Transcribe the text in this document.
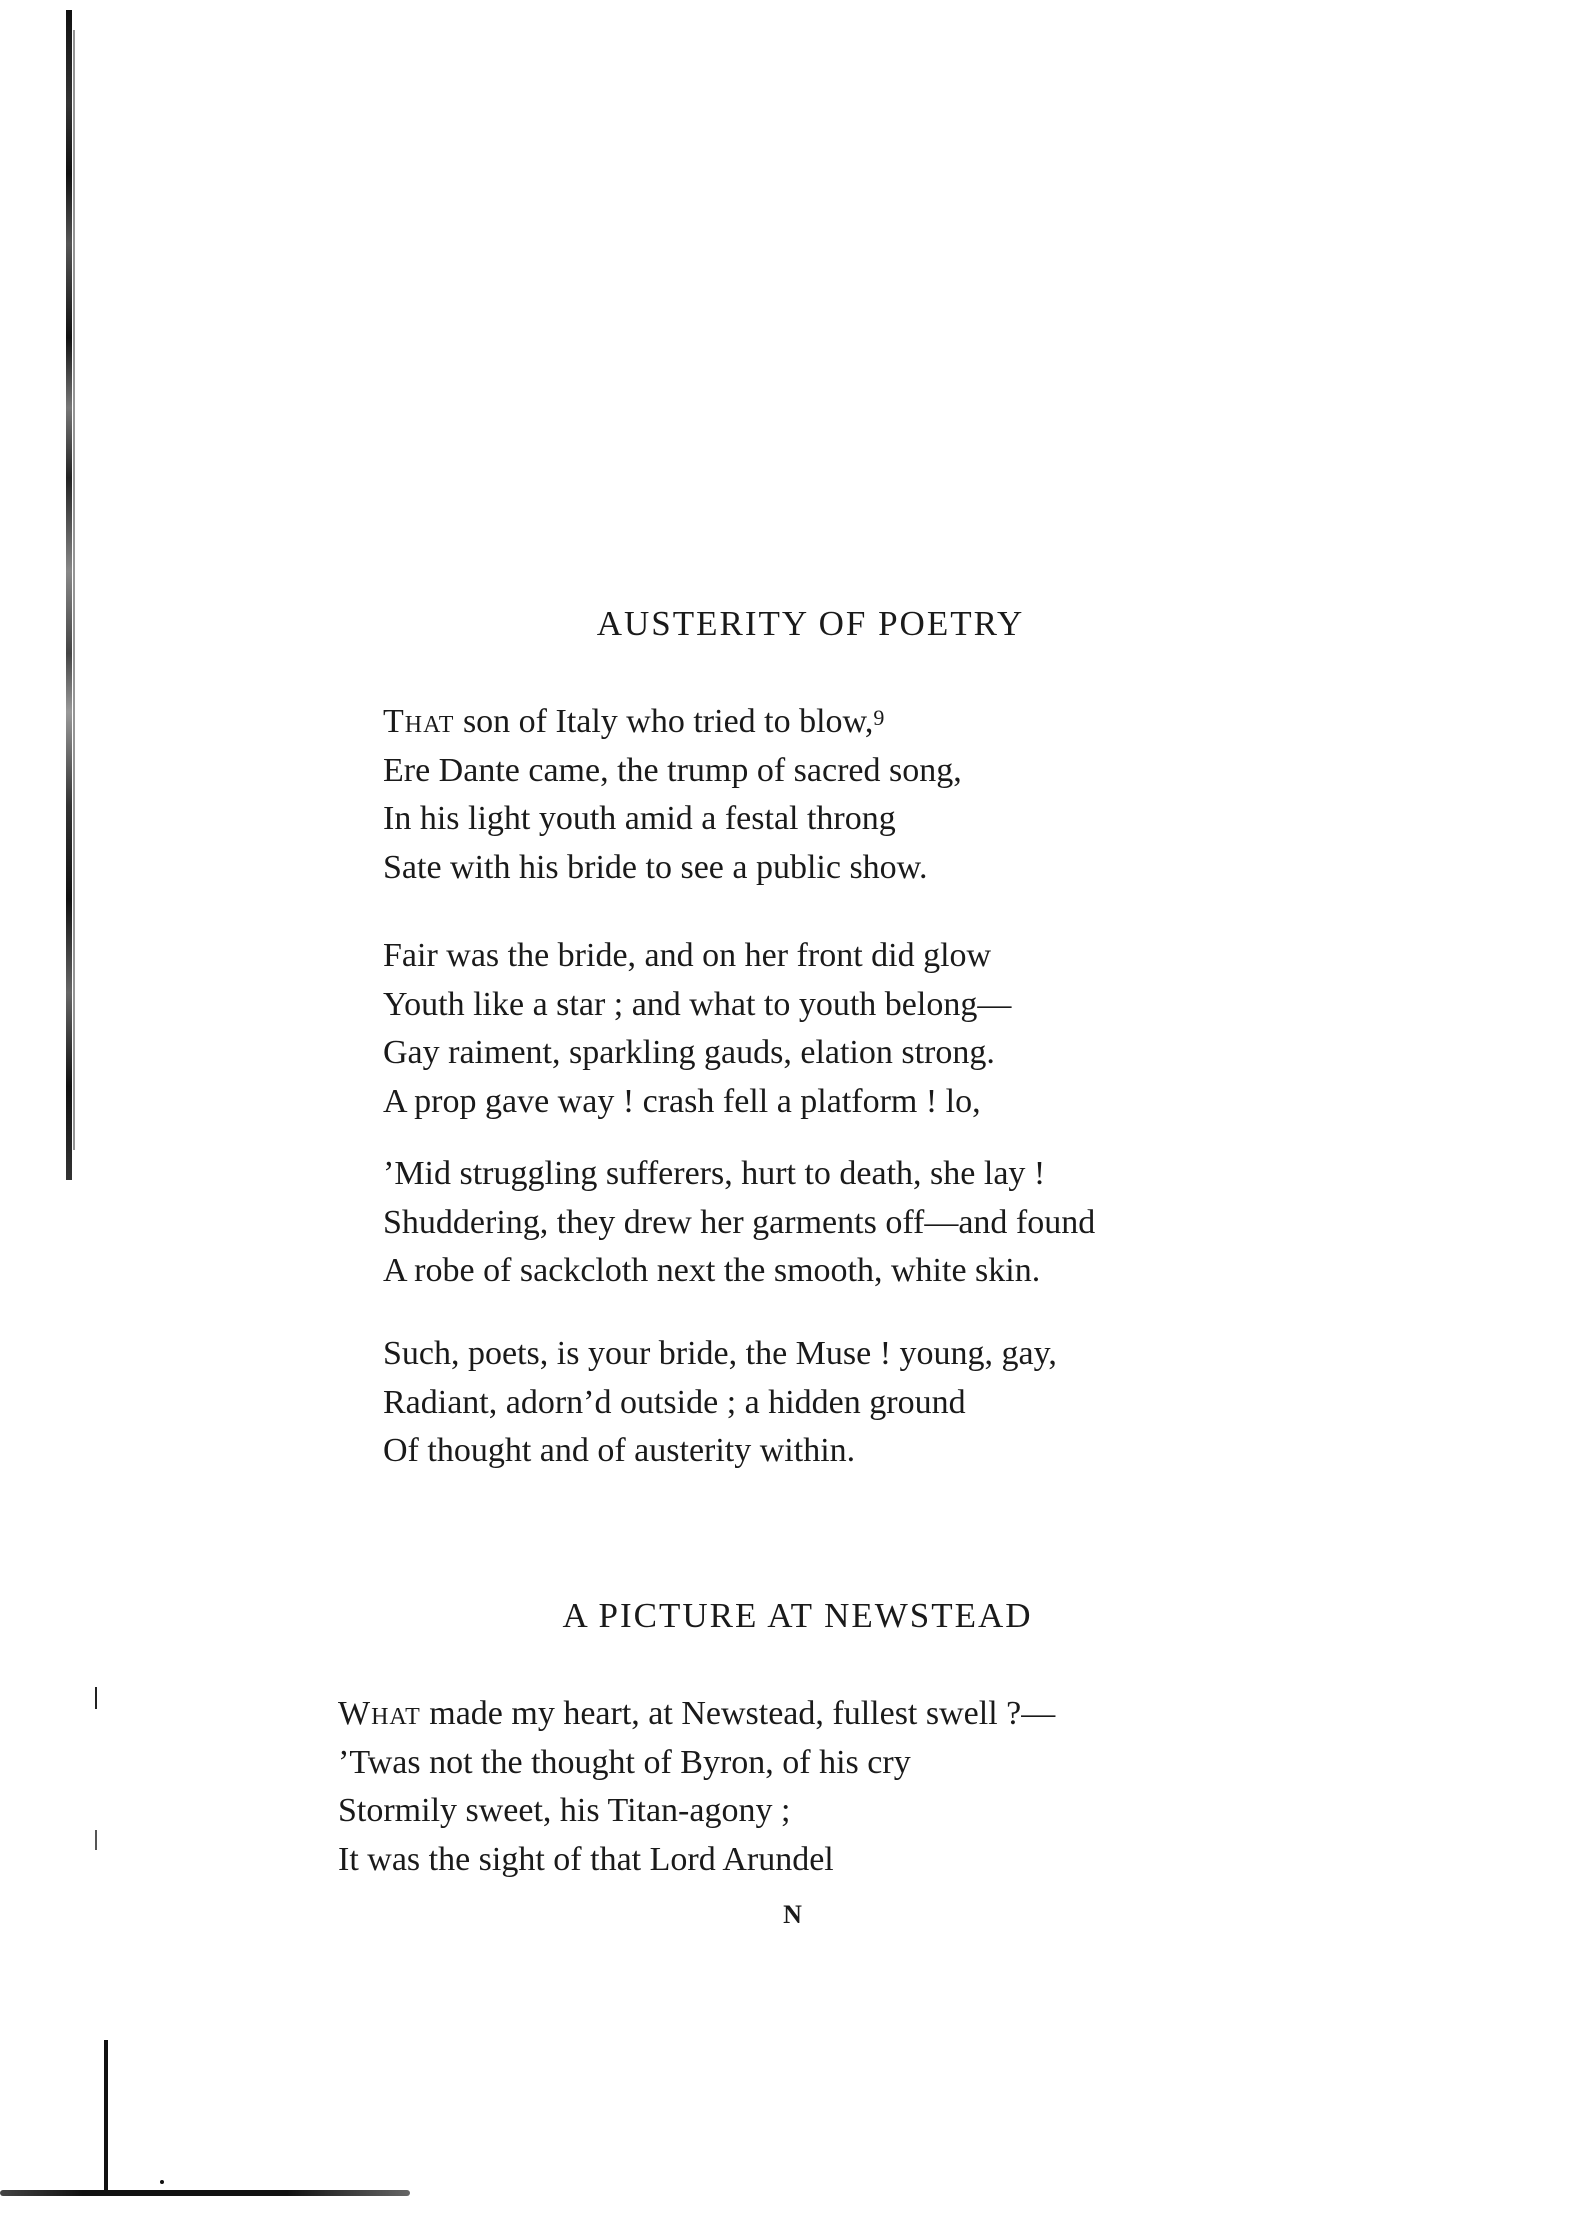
AUSTERITY OF POETRY
That son of Italy who tried to blow,$^9$
Ere Dante came, the trump of sacred song,
In his light youth amid a festal throng
Sate with his bride to see a public show.
Fair was the bride, and on her front did glow
Youth like a star ; and what to youth belong—
Gay raiment, sparkling gauds, elation strong.
A prop gave way ! crash fell a platform ! lo,
’Mid struggling sufferers, hurt to death, she lay !
Shuddering, they drew her garments off—and found
A robe of sackcloth next the smooth, white skin.
Such, poets, is your bride, the Muse ! young, gay,
Radiant, adorn’d outside ; a hidden ground
Of thought and of austerity within.
A PICTURE AT NEWSTEAD
What made my heart, at Newstead, fullest swell ?—
’Twas not the thought of Byron, of his cry
Stormily sweet, his Titan-agony ;
It was the sight of that Lord Arundel
N
